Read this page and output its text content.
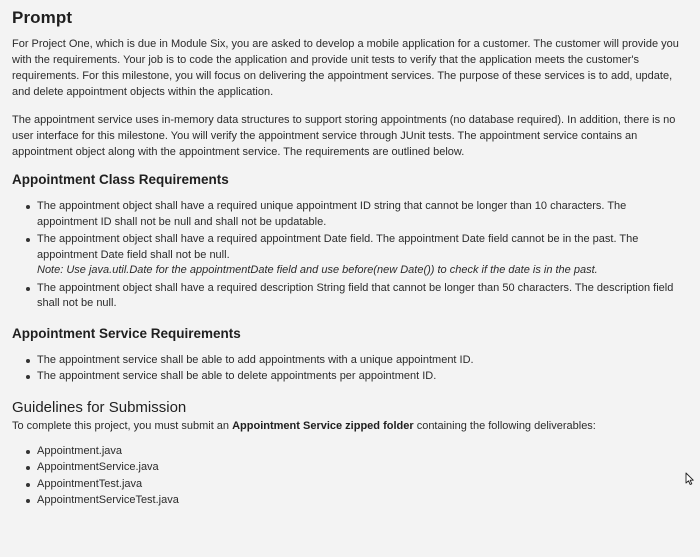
Prompt

For Project One, which is due in Module Six, you are asked to develop a mobile application for a customer. The customer will provide you with the requirements. Your job is to code the application and provide unit tests to verify that the application meets the customer's requirements. For this milestone, you will focus on delivering the appointment services. The purpose of these services is to add, update, and delete appointment objects within the application.

The appointment service uses in-memory data structures to support storing appointments (no database required). In addition, there is no user interface for this milestone. You will verify the appointment service through JUnit tests. The appointment service contains an appointment object along with the appointment service. The requirements are outlined below.

Appointment Class Requirements
The appointment object shall have a required unique appointment ID string that cannot be longer than 10 characters. The appointment ID shall not be null and shall not be updatable.
The appointment object shall have a required appointment Date field. The appointment Date field cannot be in the past. The appointment Date field shall not be null.
Note: Use java.util.Date for the appointmentDate field and use before(new Date()) to check if the date is in the past.
The appointment object shall have a required description String field that cannot be longer than 50 characters. The description field shall not be null.
Appointment Service Requirements
The appointment service shall be able to add appointments with a unique appointment ID.
The appointment service shall be able to delete appointments per appointment ID.
Guidelines for Submission
To complete this project, you must submit an Appointment Service zipped folder containing the following deliverables:
Appointment.java
AppointmentService.java
AppointmentTest.java
AppointmentServiceTest.java
